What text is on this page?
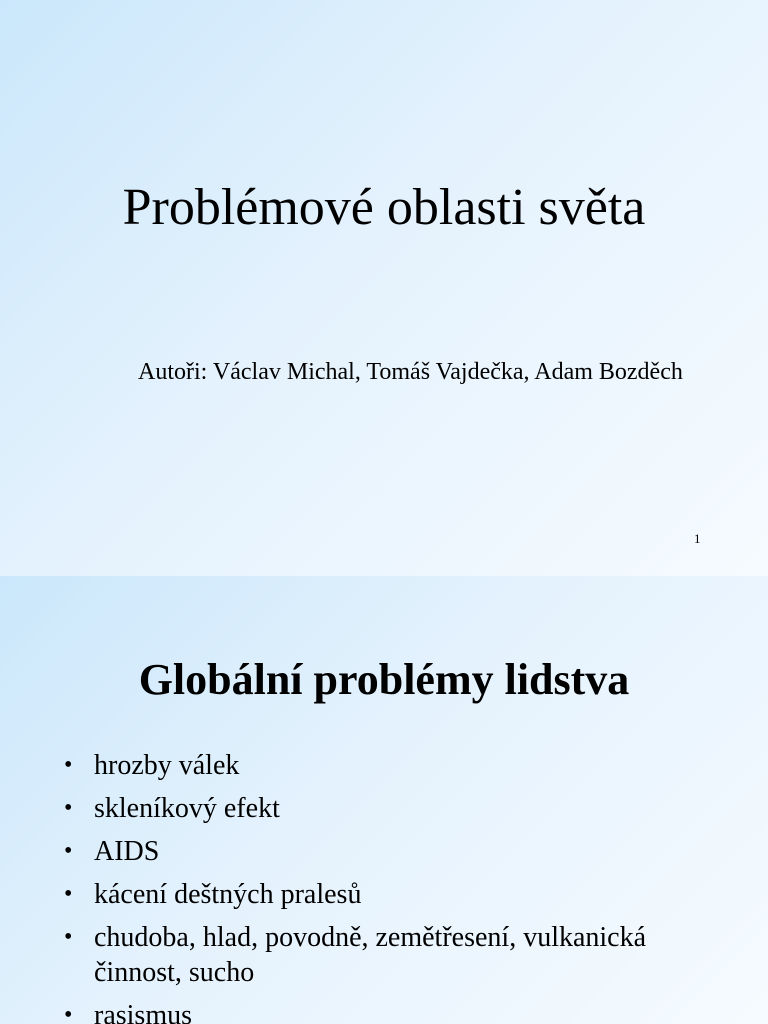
Problémové oblasti světa
Autoři: Václav Michal, Tomáš Vajdečka, Adam Bozděch
1
Globální problémy lidstva
• hrozby válek
• skleníkový efekt
• AIDS
• kácení deštných pralesů
• chudoba, hlad, povodně, zemětřesení, vulkanická činnost, sucho
• rasismus
